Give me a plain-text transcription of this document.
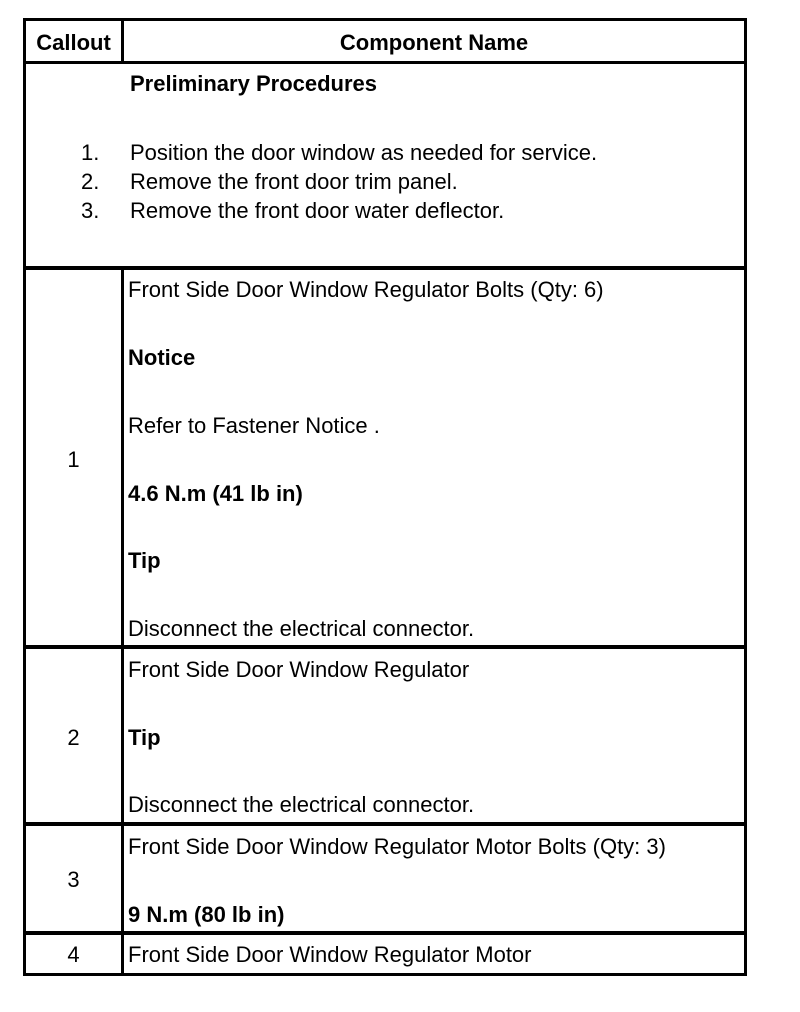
Callout	Component Name
Preliminary Procedures
1. Position the door window as needed for service.
2. Remove the front door trim panel.
3. Remove the front door water deflector.
1
Front Side Door Window Regulator Bolts (Qty: 6)
Notice
Refer to Fastener Notice .
4.6 N.m (41 lb in)
Tip
Disconnect the electrical connector.
2
Front Side Door Window Regulator
Tip
Disconnect the electrical connector.
3
Front Side Door Window Regulator Motor Bolts (Qty: 3)
9 N.m (80 lb in)
4	Front Side Door Window Regulator Motor
